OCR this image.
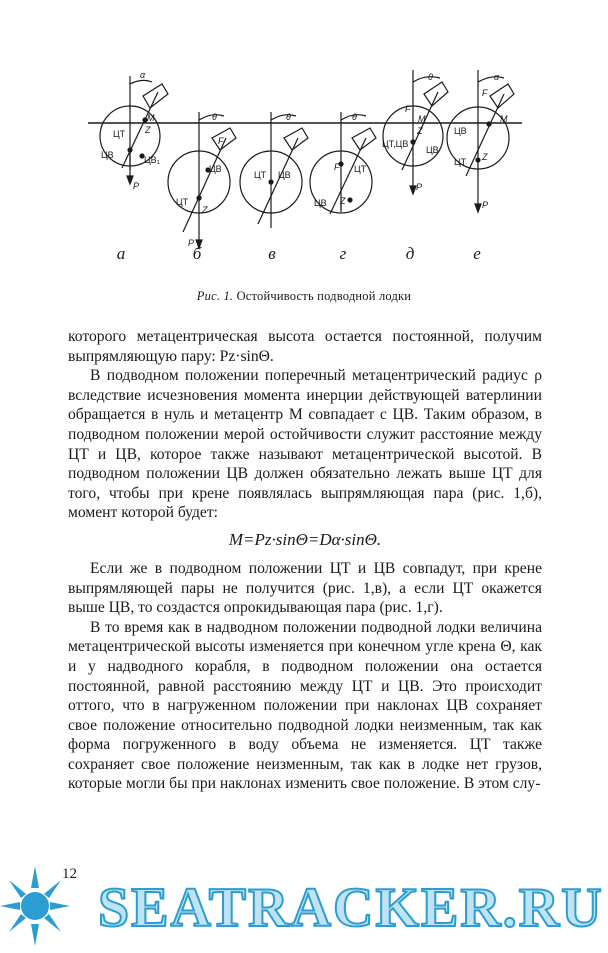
α
ЦТ
ЦВ	ЦВ₁
M
Z
P
θ
ЦТ
ЦВ
Z
F
P
θ
ЦТ ЦВ
θ
ЦТ
ЦВ
F
Z
θ
ЦТ,ЦВ
ЦВ
M
Z
F
P
α
ЦВ
ЦТ
M
Z
F
P
а	б	в	г	д	е
Рис. 1. Остойчивость подводной лодки

которого метацентрическая высота остается постоянной, получим выпрямляющую пару: Pz·sinΘ.

В подводном положении поперечный метацентрический радиус ρ вследствие исчезновения момента инерции действующей ватерлинии обращается в нуль и метацентр M совпадает с ЦВ. Таким образом, в подводном положении мерой остойчивости служит расстояние между ЦТ и ЦВ, которое также называют метацентрической высотой. В подводном положении ЦВ должен обязательно лежать выше ЦТ для того, чтобы при крене появлялась выпрямляющая пара (рис. 1,б), момент которой будет:

M=Pz·sinΘ=Dα·sinΘ.

Если же в подводном положении ЦТ и ЦВ совпадут, при крене выпрямляющей пары не получится (рис. 1,в), а если ЦТ окажется выше ЦВ, то создастся опрокидывающая пара (рис. 1,г).

В то время как в надводном положении подводной лодки величина метацентрической высоты изменяется при конечном угле крена Θ, как и у надводного корабля, в подводном положении она остается постоянной, равной расстоянию между ЦТ и ЦВ. Это происходит оттого, что в нагруженном положении при наклонах ЦВ сохраняет свое положение относительно подводной лодки неизменным, так как форма погруженного в воду объема не изменяется. ЦТ также сохраняет свое положение неизменным, так как в лодке нет грузов, которые могли бы при наклонах изменить свое положение. В этом слу-

12
SEATRACKER.RU
